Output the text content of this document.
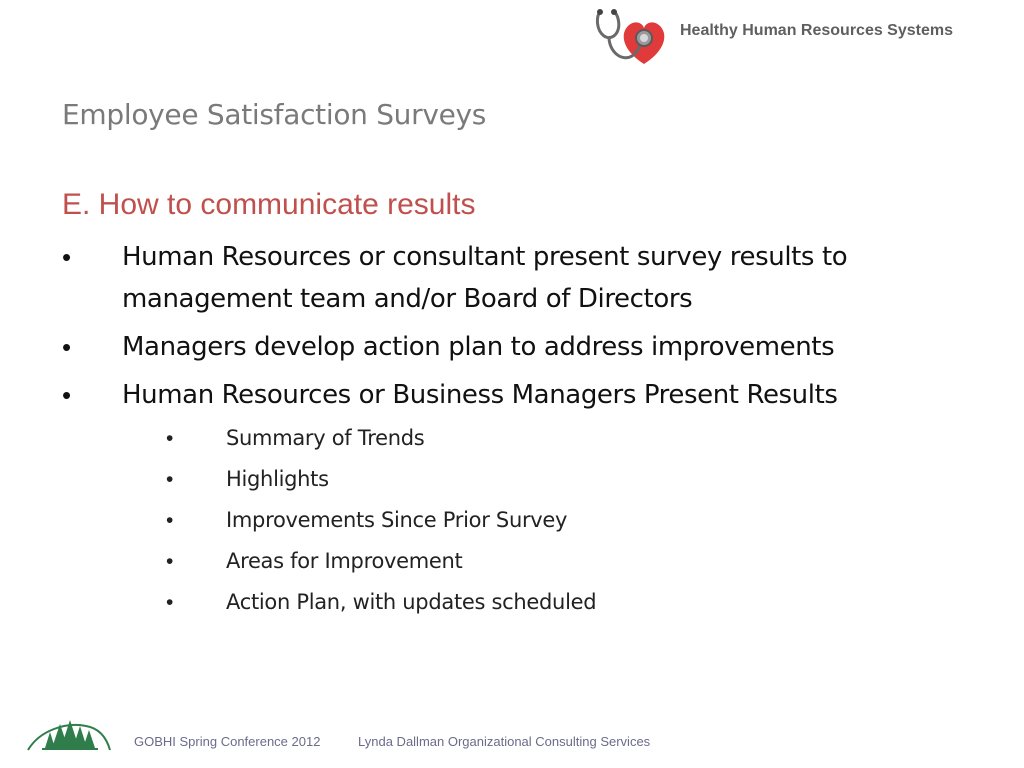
Healthy Human Resources Systems
Employee Satisfaction Surveys
E. How to communicate results
• Human Resources or consultant present survey results to management team and/or Board of Directors
• Managers develop action plan to address improvements
• Human Resources or Business Managers Present Results
•	Summary of Trends
•	Highlights
•	Improvements Since Prior Survey
•	Areas for Improvement
•	Action Plan, with updates scheduled
GOBHI Spring Conference 2012	Lynda Dallman Organizational Consulting Services
